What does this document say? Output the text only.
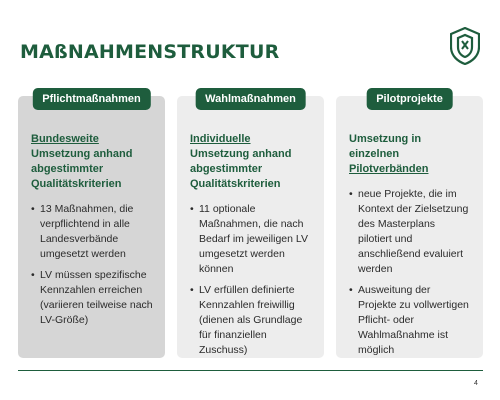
MAßNAHMENSTRUKTUR
Pflichtmaßnahmen

Bundesweite Umsetzung anhand abgestimmter Qualitätskriterien

• 13 Maßnahmen, die verpflichtend in alle Landesverbände umgesetzt werden
• LV müssen spezifische Kennzahlen erreichen (variieren teilweise nach LV-Größe)
Wahlmaßnahmen

Individuelle Umsetzung anhand abgestimmter Qualitätskriterien

• 11 optionale Maßnahmen, die nach Bedarf im jeweiligen LV umgesetzt werden können
• LV erfüllen definierte Kennzahlen freiwillig (dienen als Grundlage für finanziellen Zuschuss)
Pilotprojekte

Umsetzung in einzelnen Pilotverbänden

• neue Projekte, die im Kontext der Zielsetzung des Masterplans pilotiert und anschließend evaluiert werden
• Ausweitung der Projekte zu vollwertigen Pflicht- oder Wahlmaßnahme ist möglich
4
